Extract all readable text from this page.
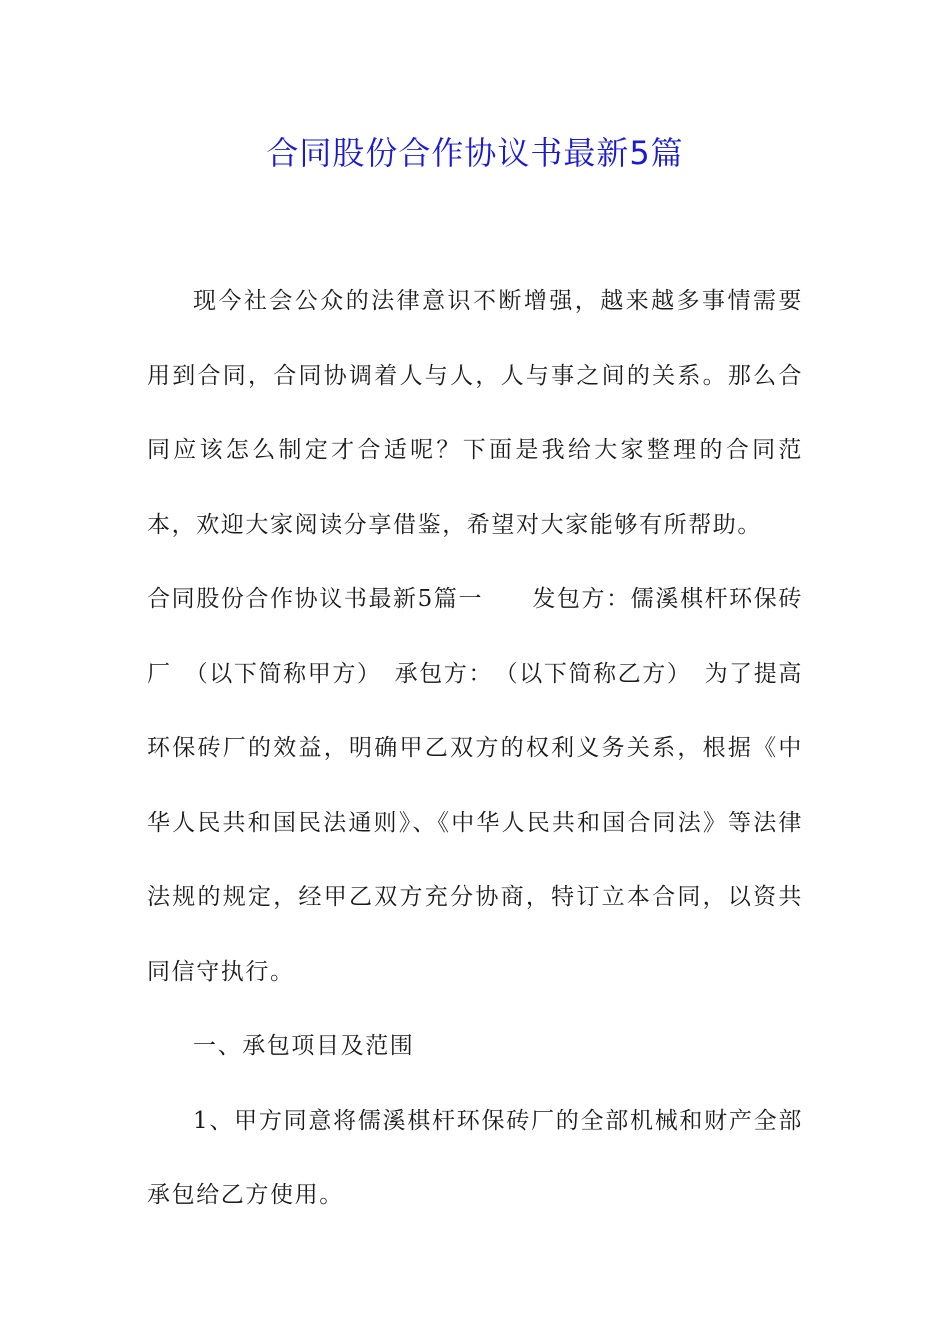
合同股份合作协议书最新5篇

现今社会公众的法律意识不断增强，越来越多事情需要用到合同，合同协调着人与人，人与事之间的关系。那么合同应该怎么制定才合适呢？下面是我给大家整理的合同范本，欢迎大家阅读分享借鉴，希望对大家能够有所帮助。

合同股份合作协议书最新5篇一　　发包方：儒溪棋杆环保砖厂　（以下简称甲方）　承包方：　（以下简称乙方）　为了提高环保砖厂的效益，明确甲乙双方的权利义务关系，根据《中华人民共和国民法通则》、《中华人民共和国合同法》等法律法规的规定，经甲乙双方充分协商，特订立本合同，以资共同信守执行。

一、承包项目及范围

1、甲方同意将儒溪棋杆环保砖厂的全部机械和财产全部承包给乙方使用。
